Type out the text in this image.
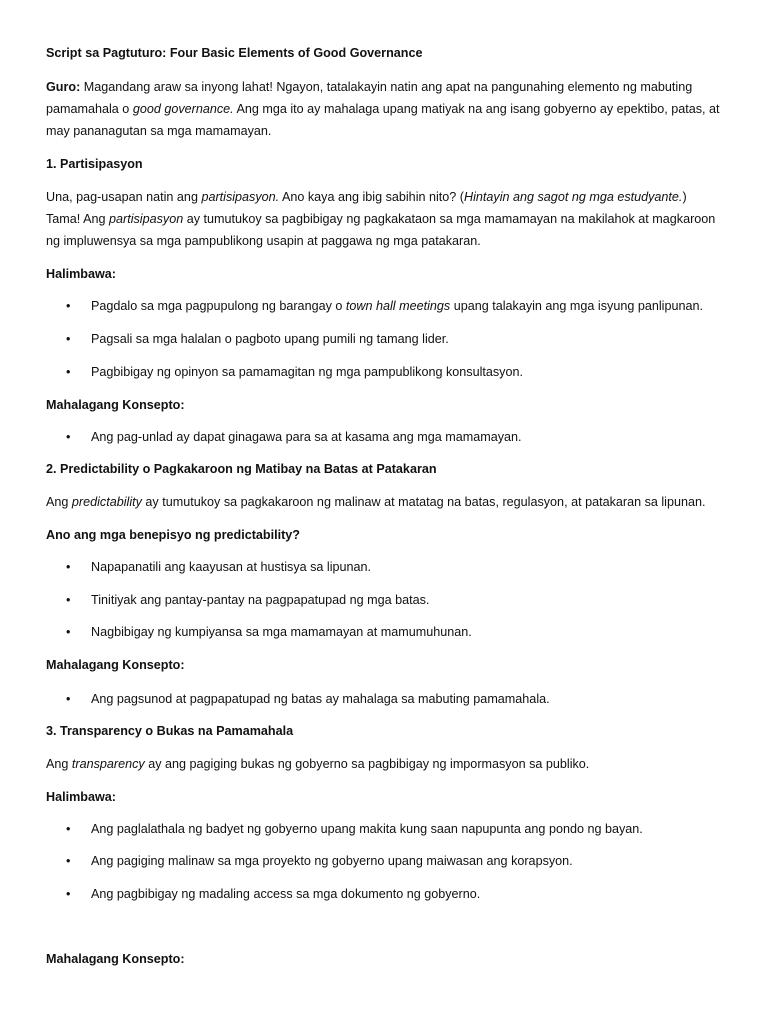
Script sa Pagtuturo: Four Basic Elements of Good Governance
Guro: Magandang araw sa inyong lahat! Ngayon, tatalakayin natin ang apat na pangunahing elemento ng mabuting
pamamahala o good governance. Ang mga ito ay mahalaga upang matiyak na ang isang gobyerno ay epektibo, patas, at
may pananagutan sa mga mamamayan.
1. Partisipasyon
Una, pag-usapan natin ang partisipasyon. Ano kaya ang ibig sabihin nito? (Hintayin ang sagot ng mga estudyante.)
Tama! Ang partisipasyon ay tumutukoy sa pagbibigay ng pagkakataon sa mga mamamayan na makilahok at magkaroon
ng impluwensya sa mga pampublikong usapin at paggawa ng mga patakaran.
Halimbawa:
• Pagdalo sa mga pagpupulong ng barangay o town hall meetings upang talakayin ang mga isyung panlipunan.
• Pagsali sa mga halalan o pagboto upang pumili ng tamang lider.
• Pagbibigay ng opinyon sa pamamagitan ng mga pampublikong konsultasyon.
Mahalagang Konsepto:
• Ang pag-unlad ay dapat ginagawa para sa at kasama ang mga mamamayan.
2. Predictability o Pagkakaroon ng Matibay na Batas at Patakaran
Ang predictability ay tumutukoy sa pagkakaroon ng malinaw at matatag na batas, regulasyon, at patakaran sa lipunan.
Ano ang mga benepisyo ng predictability?
• Napapanatili ang kaayusan at hustisya sa lipunan.
• Tinitiyak ang pantay-pantay na pagpapatupad ng mga batas.
• Nagbibigay ng kumpiyansa sa mga mamamayan at mamumuhunan.
Mahalagang Konsepto:
• Ang pagsunod at pagpapatupad ng batas ay mahalaga sa mabuting pamamahala.
3. Transparency o Bukas na Pamamahala
Ang transparency ay ang pagiging bukas ng gobyerno sa pagbibigay ng impormasyon sa publiko.
Halimbawa:
• Ang paglalathala ng badyet ng gobyerno upang makita kung saan napupunta ang pondo ng bayan.
• Ang pagiging malinaw sa mga proyekto ng gobyerno upang maiwasan ang korapsyon.
• Ang pagbibigay ng madaling access sa mga dokumento ng gobyerno.
Mahalagang Konsepto:
